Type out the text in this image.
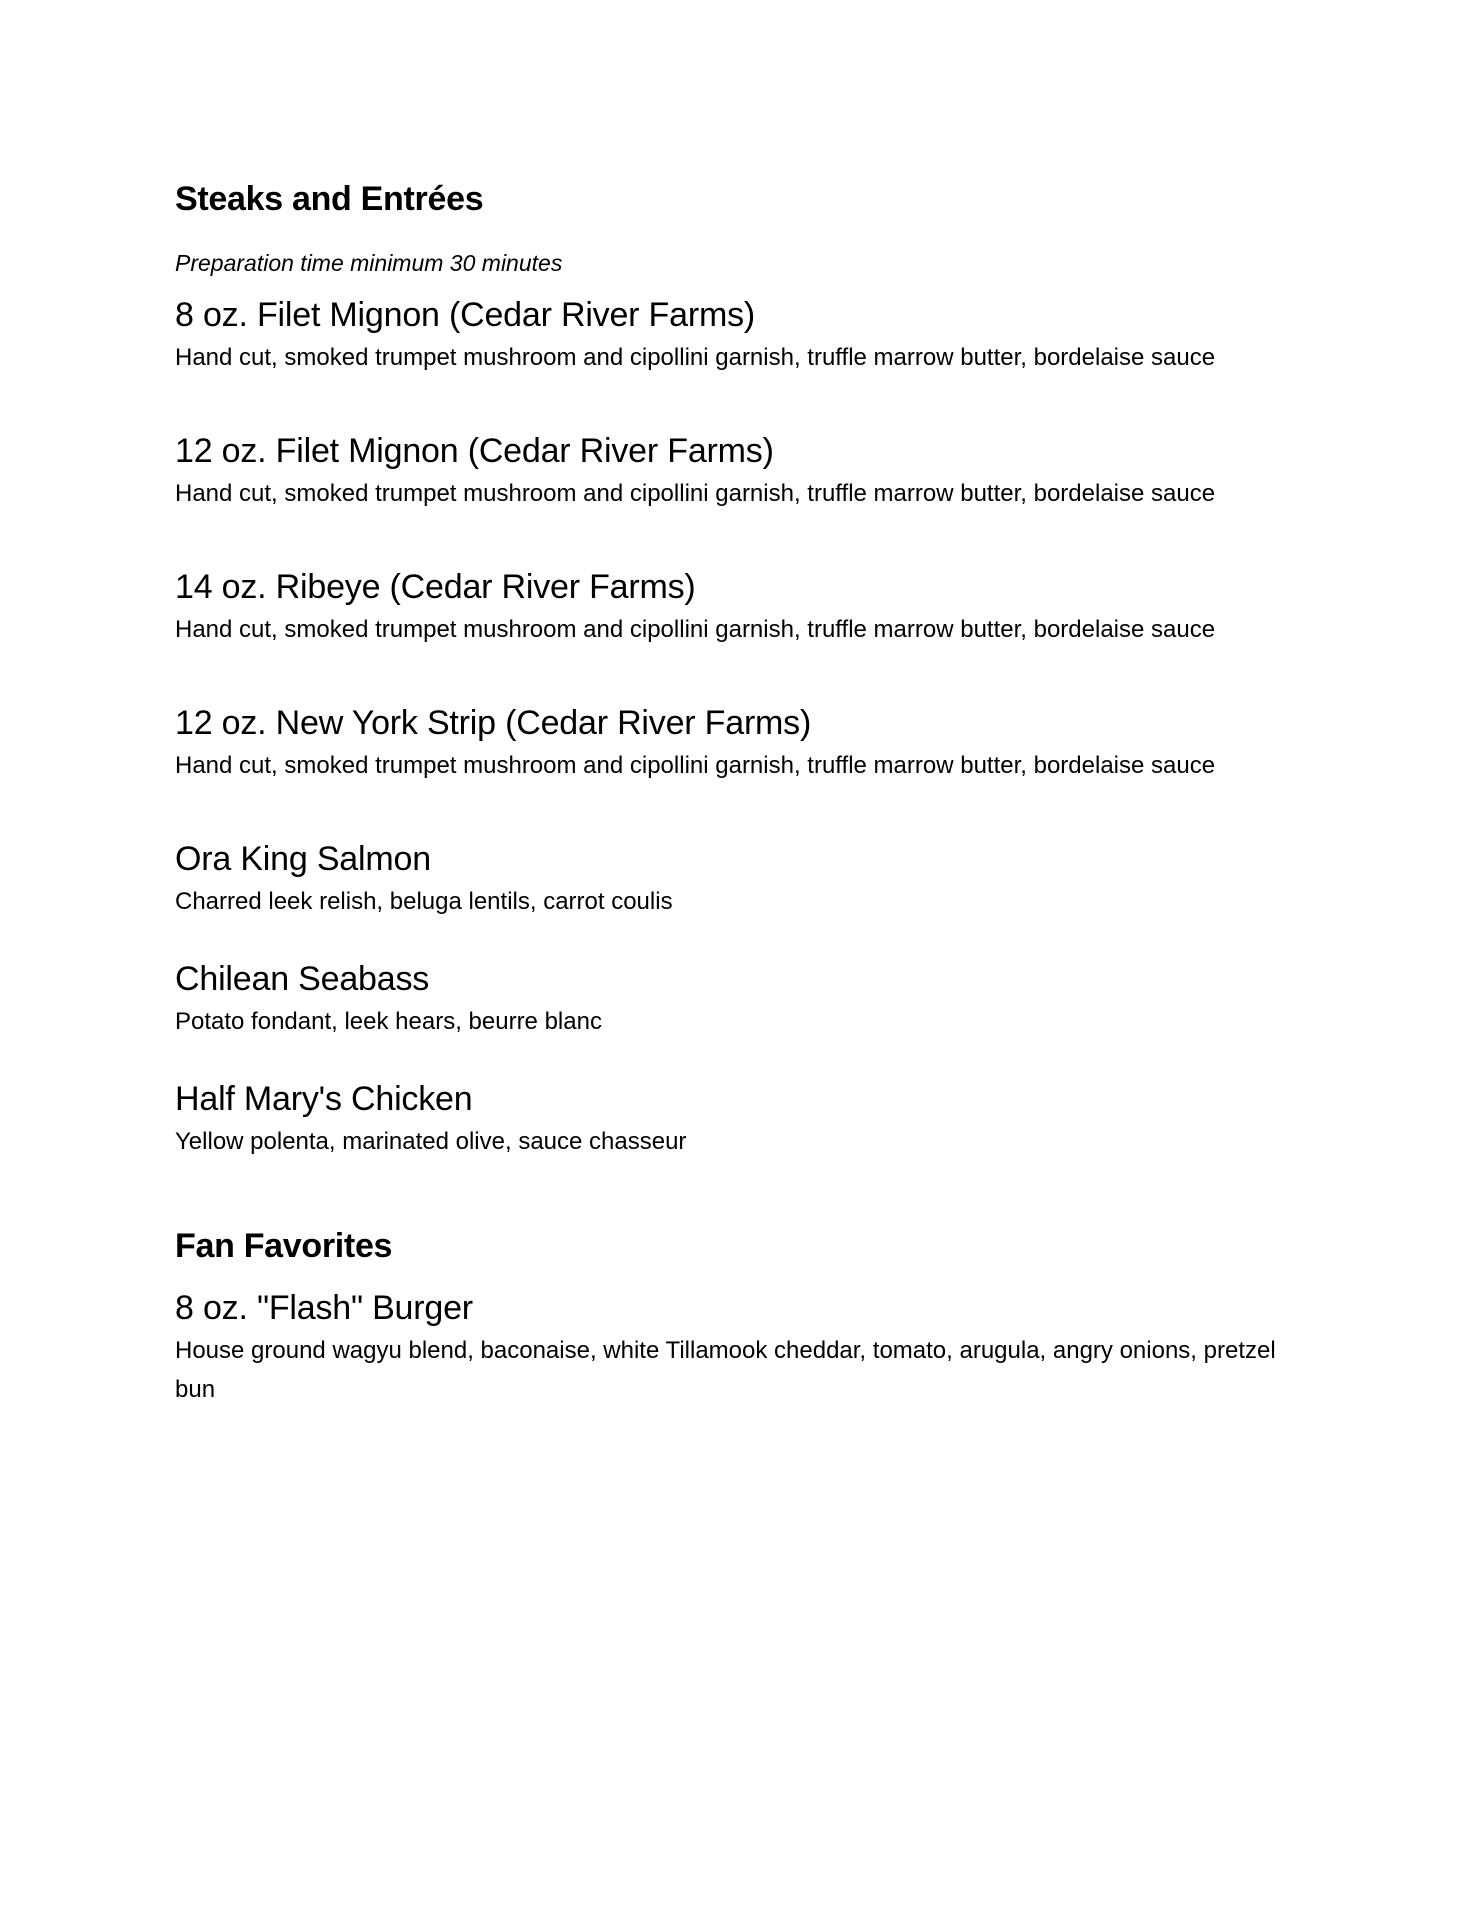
Steaks and Entrées

Preparation time minimum 30 minutes

8 oz. Filet Mignon (Cedar River Farms)

Hand cut, smoked trumpet mushroom and cipollini garnish, truffle marrow butter, bordelaise sauce

12 oz. Filet Mignon (Cedar River Farms)

Hand cut, smoked trumpet mushroom and cipollini garnish, truffle marrow butter, bordelaise sauce

14 oz. Ribeye (Cedar River Farms)

Hand cut, smoked trumpet mushroom and cipollini garnish, truffle marrow butter, bordelaise sauce

12 oz. New York Strip (Cedar River Farms)

Hand cut, smoked trumpet mushroom and cipollini garnish, truffle marrow butter, bordelaise sauce

Ora King Salmon

Charred leek relish, beluga lentils, carrot coulis

Chilean Seabass

Potato fondant, leek hears, beurre blanc

Half Mary's Chicken

Yellow polenta, marinated olive, sauce chasseur

Fan Favorites

8 oz. "Flash" Burger

House ground wagyu blend, baconaise, white Tillamook cheddar, tomato, arugula, angry onions, pretzel bun
